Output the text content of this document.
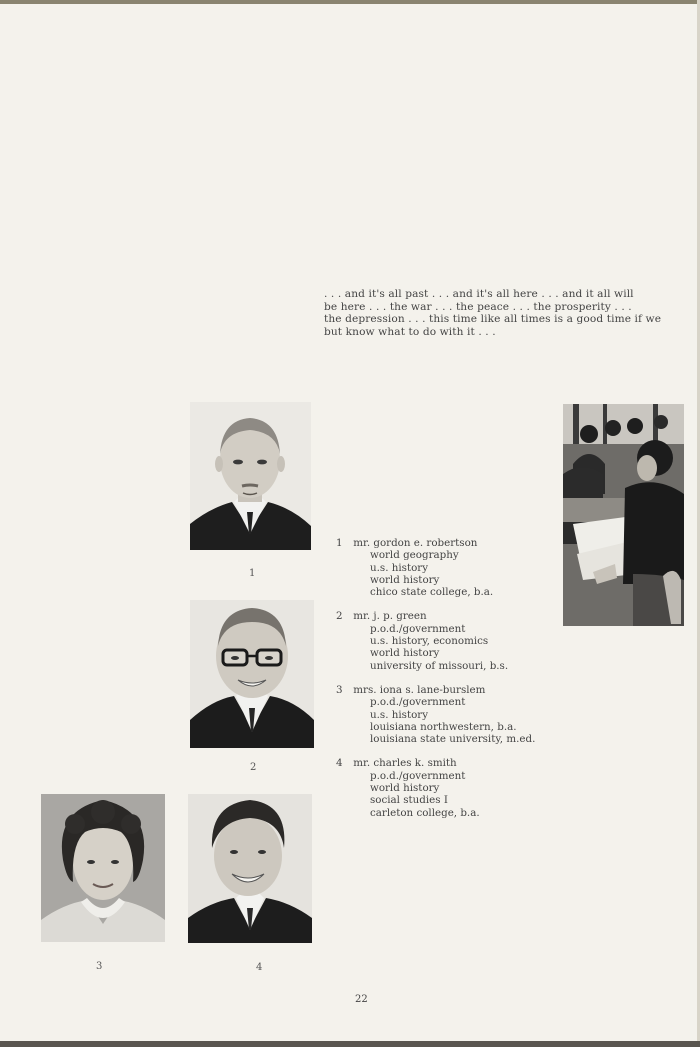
. . . and it's all past . . . and it's all here . . . and it all will
be here . . . the war . . . the peace . . . the prosperity . . .
the depression . . . this time like all times is a good time if we
but know what to do with it . . .

1
2
3	4
1 mr. gordon e. robertson
world geography
u.s. history
world history
chico state college, b.a.
2 mr. j. p. green
p.o.d./government
u.s. history, economics
world history
university of missouri, b.s.
3 mrs. iona s. lane-burslem
p.o.d./government
u.s. history
louisiana northwestern, b.a.
louisiana state university, m.ed.
4 mr. charles k. smith
p.o.d./government
world history
social studies I
carleton college, b.a.
22
